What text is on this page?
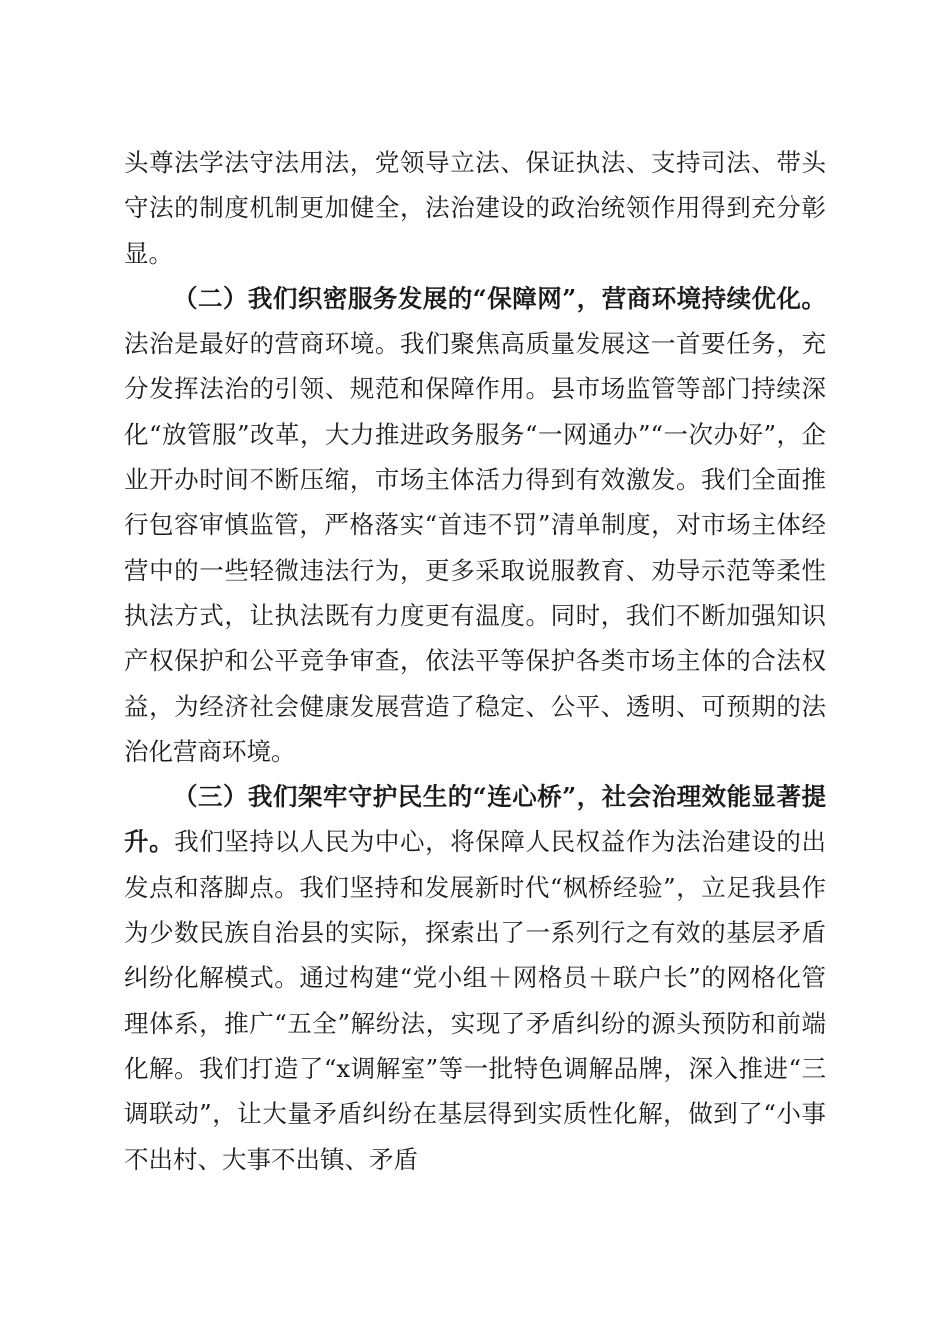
头尊法学法守法用法，党领导立法、保证执法、支持司法、带头守法的制度机制更加健全，法治建设的政治统领作用得到充分彰显。

（二）我们织密服务发展的“保障网”，营商环境持续优化。法治是最好的营商环境。我们聚焦高质量发展这一首要任务，充分发挥法治的引领、规范和保障作用。县市场监管等部门持续深化“放管服”改革，大力推进政务服务“一网通办”“一次办好”，企业开办时间不断压缩，市场主体活力得到有效激发。我们全面推行包容审慎监管，严格落实“首违不罚”清单制度，对市场主体经营中的一些轻微违法行为，更多采取说服教育、劝导示范等柔性执法方式，让执法既有力度更有温度。同时，我们不断加强知识产权保护和公平竞争审查，依法平等保护各类市场主体的合法权益，为经济社会健康发展营造了稳定、公平、透明、可预期的法治化营商环境。

（三）我们架牢守护民生的“连心桥”，社会治理效能显著提升。我们坚持以人民为中心，将保障人民权益作为法治建设的出发点和落脚点。我们坚持和发展新时代“枫桥经验”，立足我县作为少数民族自治县的实际，探索出了一系列行之有效的基层矛盾纠纷化解模式。通过构建“党小组＋网格员＋联户长”的网格化管理体系，推广“五全”解纷法，实现了矛盾纠纷的源头预防和前端化解。我们打造了“x调解室”等一批特色调解品牌，深入推进“三调联动”，让大量矛盾纠纷在基层得到实质性化解，做到了“小事不出村、大事不出镇、矛盾
